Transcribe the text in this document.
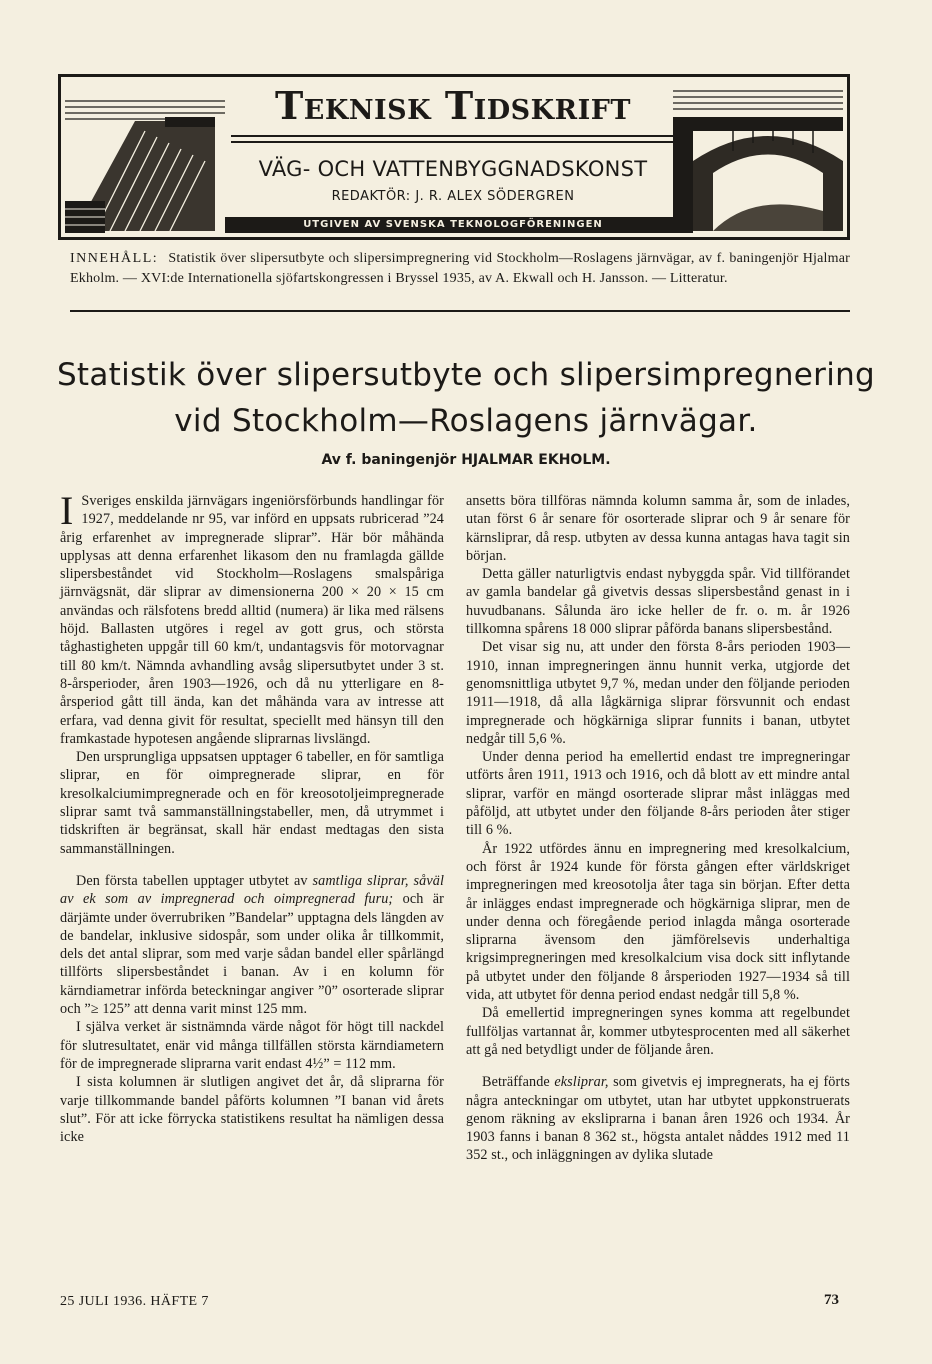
Teknisk Tidskrift
VÄG- OCH VATTENBYGGNADSKONST
REDAKTÖR: J. R. ALEX SÖDERGREN
UTGIVEN AV SVENSKA TEKNOLOGFÖRENINGEN
INNEHÅLL: Statistik över slipersutbyte och slipersimpregnering vid Stockholm—Roslagens järnvägar, av f. baningenjör Hjalmar Ekholm. — XVI:de Internationella sjöfartskongressen i Bryssel 1935, av A. Ekwall och H. Jansson. — Litteratur.
Statistik över slipersutbyte och slipersimpregnering
vid Stockholm—Roslagens järnvägar.
Av f. baningenjör HJALMAR EKHOLM.

I Sveriges enskilda järnvägars ingeniörsförbunds handlingar för 1927, meddelande nr 95, var införd en uppsats rubricerad ”24 årig erfarenhet av impregnerade sliprar”. Här bör måhända upplysas att denna erfarenhet likasom den nu framlagda gällde slipersbeståndet vid Stockholm—Roslagens smalspåriga järnvägsnät, där sliprar av dimensionerna 200 × 20 × 15 cm användas och rälsfotens bredd alltid (numera) är lika med rälsens höjd. Ballasten utgöres i regel av gott grus, och största tåghastigheten uppgår till 60 km/t, undantagsvis för motorvagnar till 80 km/t. Nämnda avhandling avsåg slipersutbytet under 3 st. 8-årsperioder, åren 1903—1926, och då nu ytterligare en 8-årsperiod gått till ända, kan det måhända vara av intresse att erfara, vad denna givit för resultat, speciellt med hänsyn till den framkastade hypotesen angående sliprarnas livslängd.

Den ursprungliga uppsatsen upptager 6 tabeller, en för samtliga sliprar, en för oimpregnerade sliprar, en för kresolkalciumimpregnerade och en för kreosotoljeimpregnerade sliprar samt två sammanställningstabeller, men, då utrymmet i tidskriften är begränsat, skall här endast medtagas den sista sammanställningen.

Den första tabellen upptager utbytet av samtliga sliprar, såväl av ek som av impregnerad och oimpregnerad furu; och är därjämte under överrubriken ”Bandelar” upptagna dels längden av de bandelar, inklusive sidospår, som under olika år tillkommit, dels det antal sliprar, som med varje sådan bandel eller spårlängd tillförts slipersbeståndet i banan. Av i en kolumn för kärndiametrar införda beteckningar angiver ”0” osorterade sliprar och ”≥ 125” att denna varit minst 125 mm.

I själva verket är sistnämnda värde något för högt till nackdel för slutresultatet, enär vid många tillfällen största kärndiametern för de impregnerade sliprarna varit endast 4½” = 112 mm.

I sista kolumnen är slutligen angivet det år, då sliprarna för varje tillkommande bandel påförts kolumnen ”I banan vid årets slut”. För att icke förrycka statistikens resultat ha nämligen dessa icke

ansetts böra tillföras nämnda kolumn samma år, som de inlades, utan först 6 år senare för osorterade sliprar och 9 år senare för kärnsliprar, då resp. utbyten av dessa kunna antagas hava tagit sin början.

Detta gäller naturligtvis endast nybyggda spår. Vid tillförandet av gamla bandelar gå givetvis dessas slipersbestånd genast in i huvudbanans. Sålunda äro icke heller de fr. o. m. år 1926 tillkomna spårens 18 000 sliprar påförda banans slipersbestånd.

Det visar sig nu, att under den första 8-års perioden 1903—1910, innan impregneringen ännu hunnit verka, utgjorde det genomsnittliga utbytet 9,7 %, medan under den följande perioden 1911—1918, då alla lågkärniga sliprar försvunnit och endast impregnerade och högkärniga sliprar funnits i banan, utbytet nedgår till 5,6 %.

Under denna period ha emellertid endast tre impregneringar utförts åren 1911, 1913 och 1916, och då blott av ett mindre antal sliprar, varför en mängd osorterade sliprar måst inläggas med påföljd, att utbytet under den följande 8-års perioden åter stiger till 6 %.

År 1922 utfördes ännu en impregnering med kresolkalcium, och först år 1924 kunde för första gången efter världskriget impregneringen med kreosotolja åter taga sin början. Efter detta år inlägges endast impregnerade och högkärniga sliprar, men de under denna och föregående period inlagda många osorterade sliprarna ävensom den jämförelsevis underhaltiga krigsimpregneringen med kresolkalcium visa dock sitt inflytande på utbytet under den följande 8 årsperioden 1927—1934 så till vida, att utbytet för denna period endast nedgår till 5,8 %.

Då emellertid impregneringen synes komma att regelbundet fullföljas vartannat år, kommer utbytesprocenten med all säkerhet att gå ned betydligt under de följande åren.

Beträffande eksliprar, som givetvis ej impregnerats, ha ej förts några anteckningar om utbytet, utan har utbytet uppkonstruerats genom räkning av eksliprarna i banan åren 1926 och 1934. År 1903 fanns i banan 8 362 st., högsta antalet nåddes 1912 med 11 352 st., och inläggningen av dylika slutade

25 JULI 1936. HÄFTE 7	73
